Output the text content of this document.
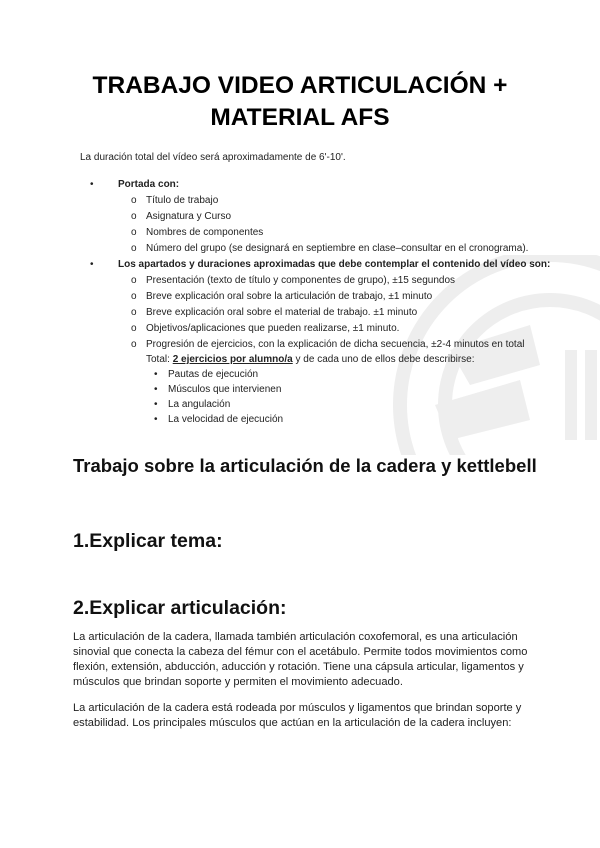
TRABAJO VIDEO ARTICULACIÓN + MATERIAL AFS

La duración total del vídeo será aproximadamente de 6'-10'.

• Portada con:
o Título de trabajo
o Asignatura y Curso
o Nombres de componentes
o Número del grupo (se designará en septiembre en clase–consultar en el cronograma).
• Los apartados y duraciones aproximadas que debe contemplar el contenido del vídeo son:
o Presentación (texto de título y componentes de grupo), ±15 segundos
o Breve explicación oral sobre la articulación de trabajo, ±1 minuto
o Breve explicación oral sobre el material de trabajo. ±1 minuto
o Objetivos/aplicaciones que pueden realizarse, ±1 minuto.
o Progresión de ejercicios, con la explicación de dicha secuencia, ±2-4 minutos en total
Total: 2 ejercicios por alumno/a y de cada uno de ellos debe describirse:
• Pautas de ejecución
• Músculos que intervienen
• La angulación
• La velocidad de ejecución
Trabajo sobre la articulación de la cadera y kettlebell
1.Explicar tema:
2.Explicar articulación:

La articulación de la cadera, llamada también articulación coxofemoral, es una articulación sinovial que conecta la cabeza del fémur con el acetábulo. Permite todos movimientos como flexión, extensión, abducción, aducción y rotación. Tiene una cápsula articular, ligamentos y músculos que brindan soporte y permiten el movimiento adecuado.

La articulación de la cadera está rodeada por músculos y ligamentos que brindan soporte y estabilidad. Los principales músculos que actúan en la articulación de la cadera incluyen:
